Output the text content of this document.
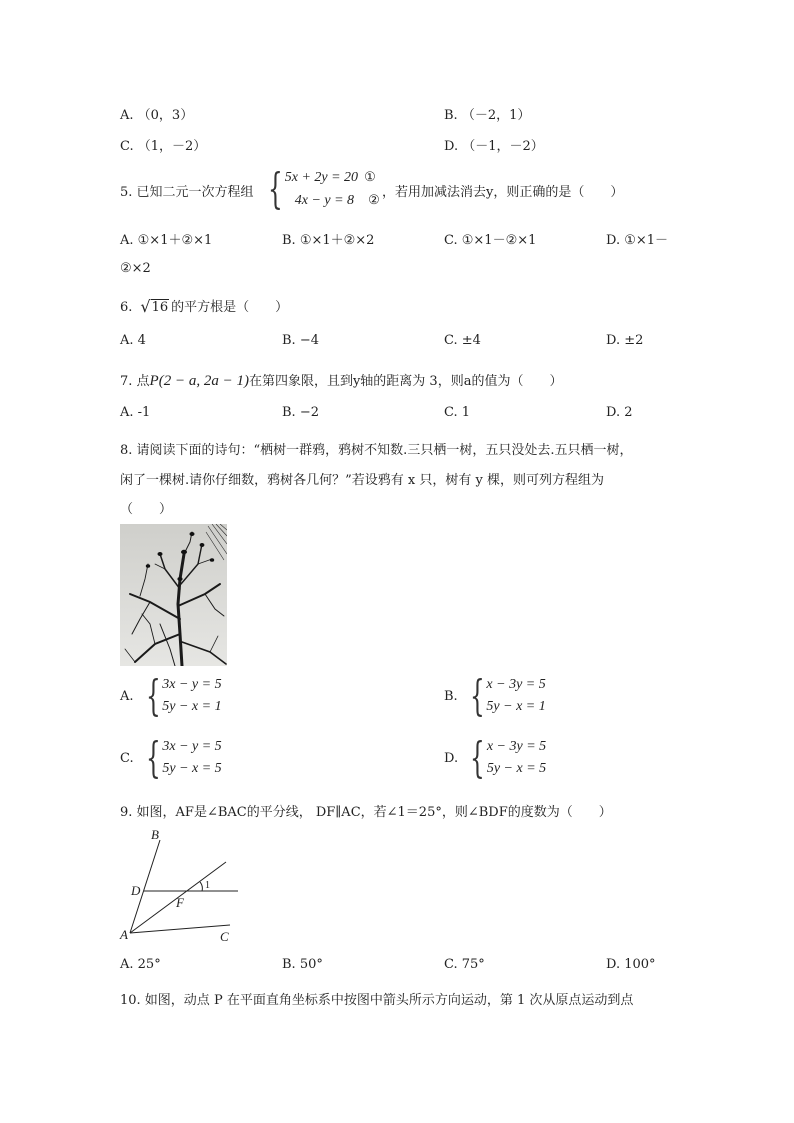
A. （0，3）	B. （－2，1）
C. （1，－2）	D. （－1，－2）
5. 已知二元一次方程组 { 5x + 2y = 20 ①
4x − y = 8 ② ，若用加减法消去y，则正确的是（　　）
A. ①×1＋②×1	B. ①×1＋②×2	C. ①×1－②×1	D. ①×1－
②×2
6. √ 16 的平方根是（　　）
A. 4	B. −4	C. ±4	D. ±2
7. 点P(2 − a, 2a − 1)在第四象限，且到y轴的距离为 3，则a的值为（　　）
A. -1	B. −2	C. 1	D. 2
8. 请阅读下面的诗句：“栖树一群鸦，鸦树不知数.三只栖一树，五只没处去.五只栖一树，
闲了一棵树.请你仔细数，鸦树各几何？”若设鸦有 x 只，树有 y 棵，则可列方程组为
（　　）
A. { 3x − y = 5
5y − x = 1
B. { x − 3y = 5
5y − x = 1
C. { 3x − y = 5
5y − x = 5
D. { x − 3y = 5
5y − x = 5
9. 如图，AF是∠BAC的平分线， DF∥AC，若∠1＝25°，则∠BDF的度数为（　　）
B
D
F
A	C
1
A. 25°	B. 50°	C. 75°	D. 100°
10. 如图，动点 P 在平面直角坐标系中按图中箭头所示方向运动，第 1 次从原点运动到点
